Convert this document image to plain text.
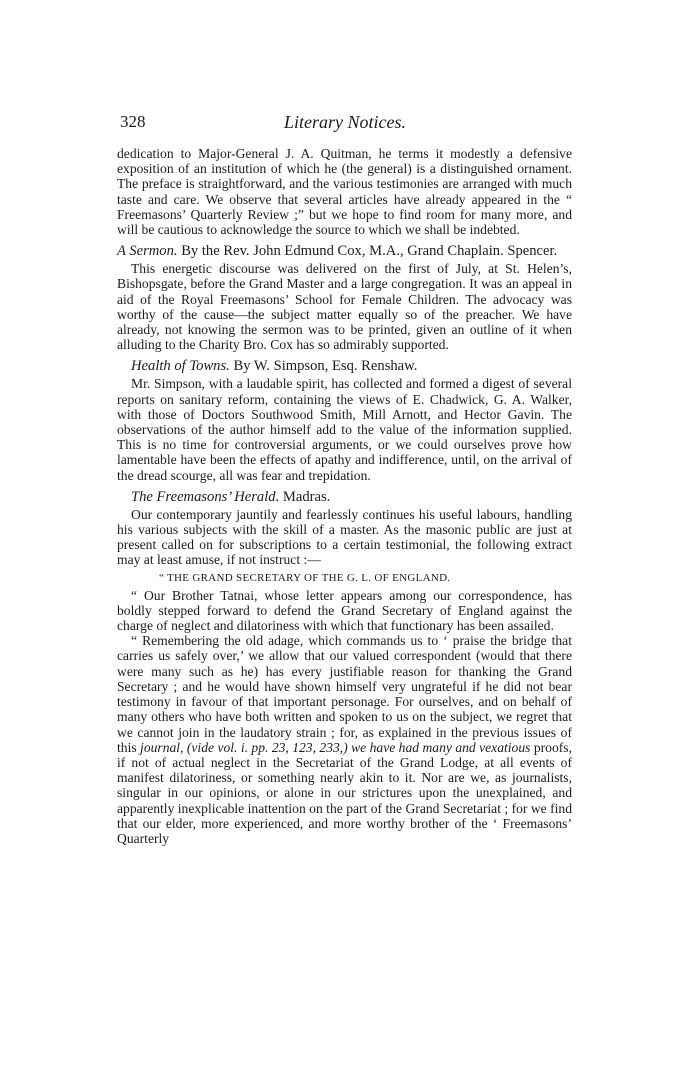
328	Literary Notices.

dedication to Major-General J. A. Quitman, he terms it modestly a defensive exposition of an institution of which he (the general) is a distinguished ornament. The preface is straightforward, and the various testimonies are arranged with much taste and care. We observe that several articles have already appeared in the “ Freemasons’ Quarterly Review ;” but we hope to find room for many more, and will be cautious to acknowledge the source to which we shall be indebted.

A Sermon. By the Rev. John Edmund Cox, M.A., Grand Chaplain. Spencer.

This energetic discourse was delivered on the first of July, at St. Helen’s, Bishopsgate, before the Grand Master and a large congregation. It was an appeal in aid of the Royal Freemasons’ School for Female Children. The advocacy was worthy of the cause—the subject matter equally so of the preacher. We have already, not knowing the sermon was to be printed, given an outline of it when alluding to the Charity Bro. Cox has so admirably supported.

Health of Towns. By W. Simpson, Esq. Renshaw.

Mr. Simpson, with a laudable spirit, has collected and formed a digest of several reports on sanitary reform, containing the views of E. Chadwick, G. A. Walker, with those of Doctors Southwood Smith, Mill Arnott, and Hector Gavin. The observations of the author himself add to the value of the information supplied. This is no time for controversial arguments, or we could ourselves prove how lamentable have been the effects of apathy and indifference, until, on the arrival of the dread scourge, all was fear and trepidation.

The Freemasons’ Herald. Madras.

Our contemporary jauntily and fearlessly continues his useful labours, handling his various subjects with the skill of a master. As the masonic public are just at present called on for subscriptions to a certain testimonial, the following extract may at least amuse, if not instruct :—

“ THE GRAND SECRETARY OF THE G. L. OF ENGLAND.

“ Our Brother Tatnai, whose letter appears among our correspondence, has boldly stepped forward to defend the Grand Secretary of England against the charge of neglect and dilatoriness with which that functionary has been assailed.

“ Remembering the old adage, which commands us to ‘ praise the bridge that carries us safely over,’ we allow that our valued correspondent (would that there were many such as he) has every justifiable reason for thanking the Grand Secretary ; and he would have shown himself very ungrateful if he did not bear testimony in favour of that important personage. For ourselves, and on behalf of many others who have both written and spoken to us on the subject, we regret that we cannot join in the laudatory strain ; for, as explained in the previous issues of this journal, (vide vol. i. pp. 23, 123, 233,) we have had many and vexatious proofs, if not of actual neglect in the Secretariat of the Grand Lodge, at all events of manifest dilatoriness, or something nearly akin to it. Nor are we, as journalists, singular in our opinions, or alone in our strictures upon the unexplained, and apparently inexplicable inattention on the part of the Grand Secretariat ; for we find that our elder, more experienced, and more worthy brother of the ‘ Freemasons’ Quarterly
